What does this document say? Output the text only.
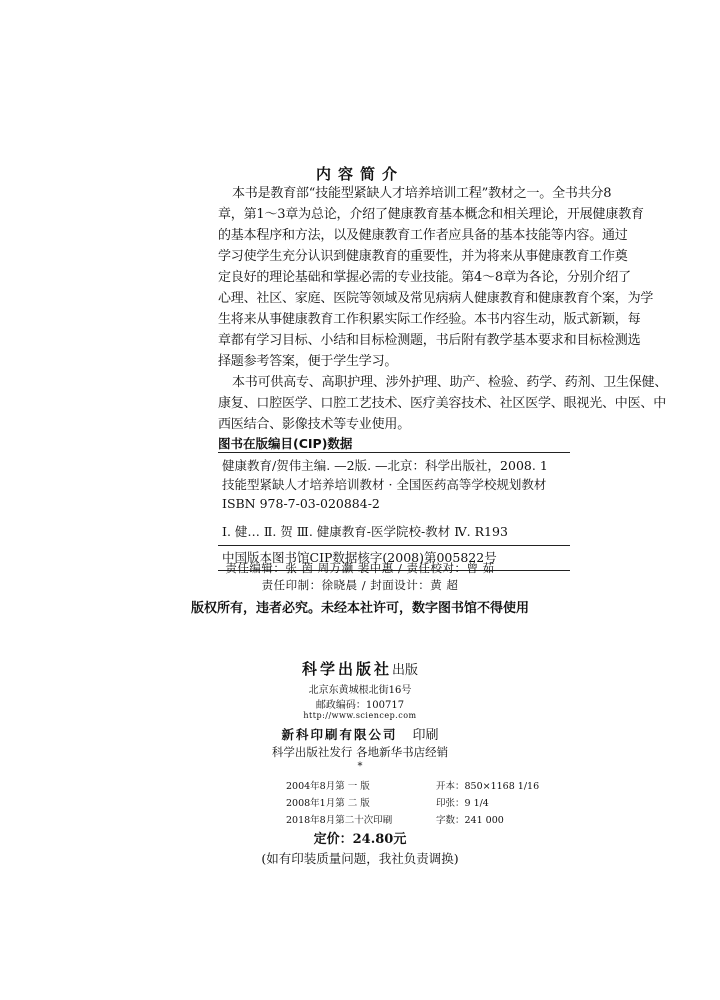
内容简介
本书是教育部“技能型紧缺人才培养培训工程”教材之一。全书共分8
章，第1～3章为总论，介绍了健康教育基本概念和相关理论，开展健康教育
的基本程序和方法，以及健康教育工作者应具备的基本技能等内容。通过
学习使学生充分认识到健康教育的重要性，并为将来从事健康教育工作奠
定良好的理论基础和掌握必需的专业技能。第4～8章为各论，分别介绍了
心理、社区、家庭、医院等领域及常见病病人健康教育和健康教育个案，为学
生将来从事健康教育工作积累实际工作经验。本书内容生动，版式新颖，每
章都有学习目标、小结和目标检测题，书后附有教学基本要求和目标检测选
择题参考答案，便于学生学习。
本书可供高专、高职护理、涉外护理、助产、检验、药学、药剂、卫生保健、
康复、口腔医学、口腔工艺技术、医疗美容技术、社区医学、眼视光、中医、中
西医结合、影像技术等专业使用。
图书在版编目(CIP)数据
健康教育/贺伟主编. —2版. —北京：科学出版社，2008. 1
技能型紧缺人才培养培训教材 · 全国医药高等学校规划教材
ISBN 978-7-03-020884-2
Ⅰ. 健… Ⅱ. 贺 Ⅲ. 健康教育-医学院校-教材 Ⅳ. R193
中国版本图书馆CIP数据核字(2008)第005822号
责任编辑：张 茵 周万灏 裴中惠 / 责任校对：曾 茹
责任印制：徐晓晨 / 封面设计：黄 超
版权所有，违者必究。未经本社许可，数字图书馆不得使用
科学出版社出版
北京东黄城根北街16号
邮政编码：100717
http://www.sciencep.com
新科印刷有限公司 印刷
科学出版社发行 各地新华书店经销
*
2004年8月第 一 版	开本：850×1168 1/16
2008年1月第 二 版	印张：9 1/4
2018年8月第二十次印刷	字数：241 000
定价：24.80元
(如有印装质量问题，我社负责调换)
